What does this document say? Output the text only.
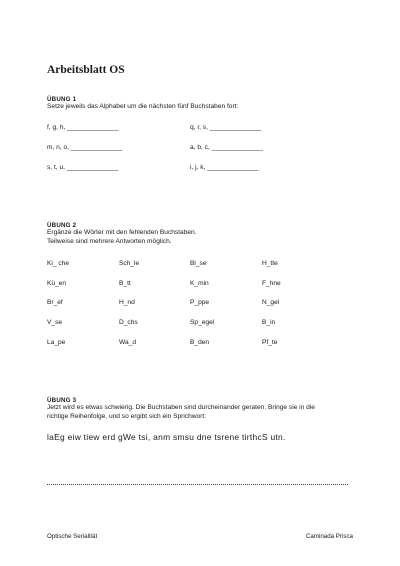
Arbeitsblatt OS
ÜBUNG 1
Setze jeweils das Alphabet um die nächsten fünf Buchstaben fort:
f, g, h, ______________	q, r, s, ______________
m, n, o, ______________	a, b, c, ______________
s, t, u, ______________	i, j, k, ______________
ÜBUNG 2
Ergänze die Wörter mit den fehlenden Buchstaben.
Teilweise sind mehrere Antworten möglich.
Ki_ che	Sch_le	Bl_se	H_tte
Kü_en	B_tt	K_min	F_hne
Br_ef	H_nd	P_ppe	N_gel
V_se	D_chs	Sp_egel	B_in
La_pe	Wa_d	B_den	Pf_te
ÜBUNG 3
Jetzt wird es etwas schwierig. Die Buchstaben sind durcheinander geraten. Bringe sie in die
richtige Reihenfolge, und so ergibt sich ein Sprichwort:
laEg eiw tiew erd gWe tsi, anm smsu dne tsrene tirthcS utn.
Optische Serialität	Caminada Prisca
